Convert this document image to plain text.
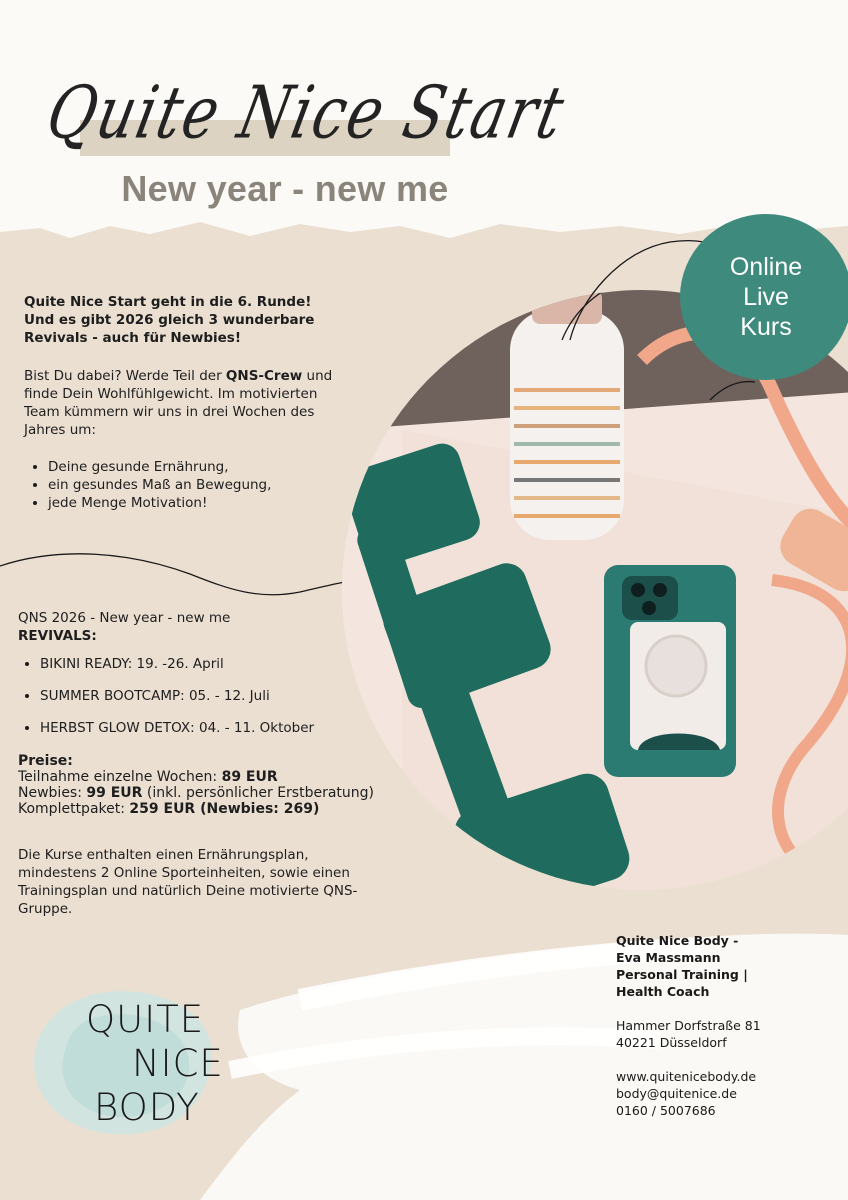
Quite Nice Start
New year - new me
Online
Live
Kurs
Quite Nice Start geht in die 6. Runde!
Und es gibt 2026 gleich 3 wunderbare
Revivals - auch für Newbies!
Bist Du dabei? Werde Teil der QNS-Crew und finde Dein Wohlfühlgewicht. Im motivierten Team kümmern wir uns in drei Wochen des Jahres um:
• Deine gesunde Ernährung,
• ein gesundes Maß an Bewegung,
• jede Menge Motivation!
QNS 2026 - New year - new me
REVIVALS:
• BIKINI READY: 19. -26. April
• SUMMER BOOTCAMP: 05. - 12. Juli
• HERBST GLOW DETOX: 04. - 11. Oktober
Preise:
Teilnahme einzelne Wochen: 89 EUR
Newbies: 99 EUR (inkl. persönlicher Erstberatung)
Komplettpaket: 259 EUR (Newbies: 269)
Die Kurse enthalten einen Ernährungsplan, mindestens 2 Online Sporteinheiten, sowie einen Trainingsplan und natürlich Deine motivierte QNS-Gruppe.
QUITE
NICE
BODY
Quite Nice Body -
Eva Massmann
Personal Training |
Health Coach
Hammer Dorfstraße 81
40221 Düsseldorf
www.quitenicebody.de
body@quitenice.de
0160 / 5007686
